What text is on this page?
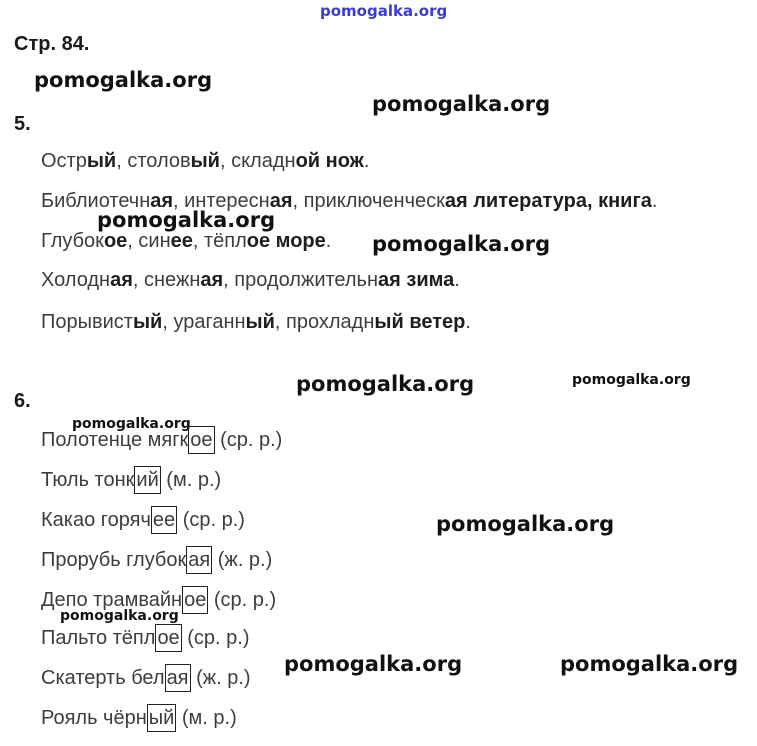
pomogalka.org
Стр. 84.
pomogalka.org
pomogalka.org
5.
Острый, столовый, складной нож.
Библиотечная, интересная, приключенческая литература, книга.
Глубокое, синее, тёплое море.
Холодная, снежная, продолжительная зима.
Порывистый, ураганный, прохладный ветер.
pomogalka.org
pomogalka.org
pomogalka.org	pomogalka.org
6.
pomogalka.org
pomogalka.org
pomogalka.org
pomogalka.org	pomogalka.org
Полотенце мягк ое (ср. р.)
Тюль тонк ий (м. р.)
Какао горяч ее (ср. р.)
Прорубь глубок ая (ж. р.)
Депо трамвайн ое (ср. р.)
Пальто тёпл ое (ср. р.)
Скатерть бел ая (ж. р.)
Рояль чёрн ый (м. р.)
